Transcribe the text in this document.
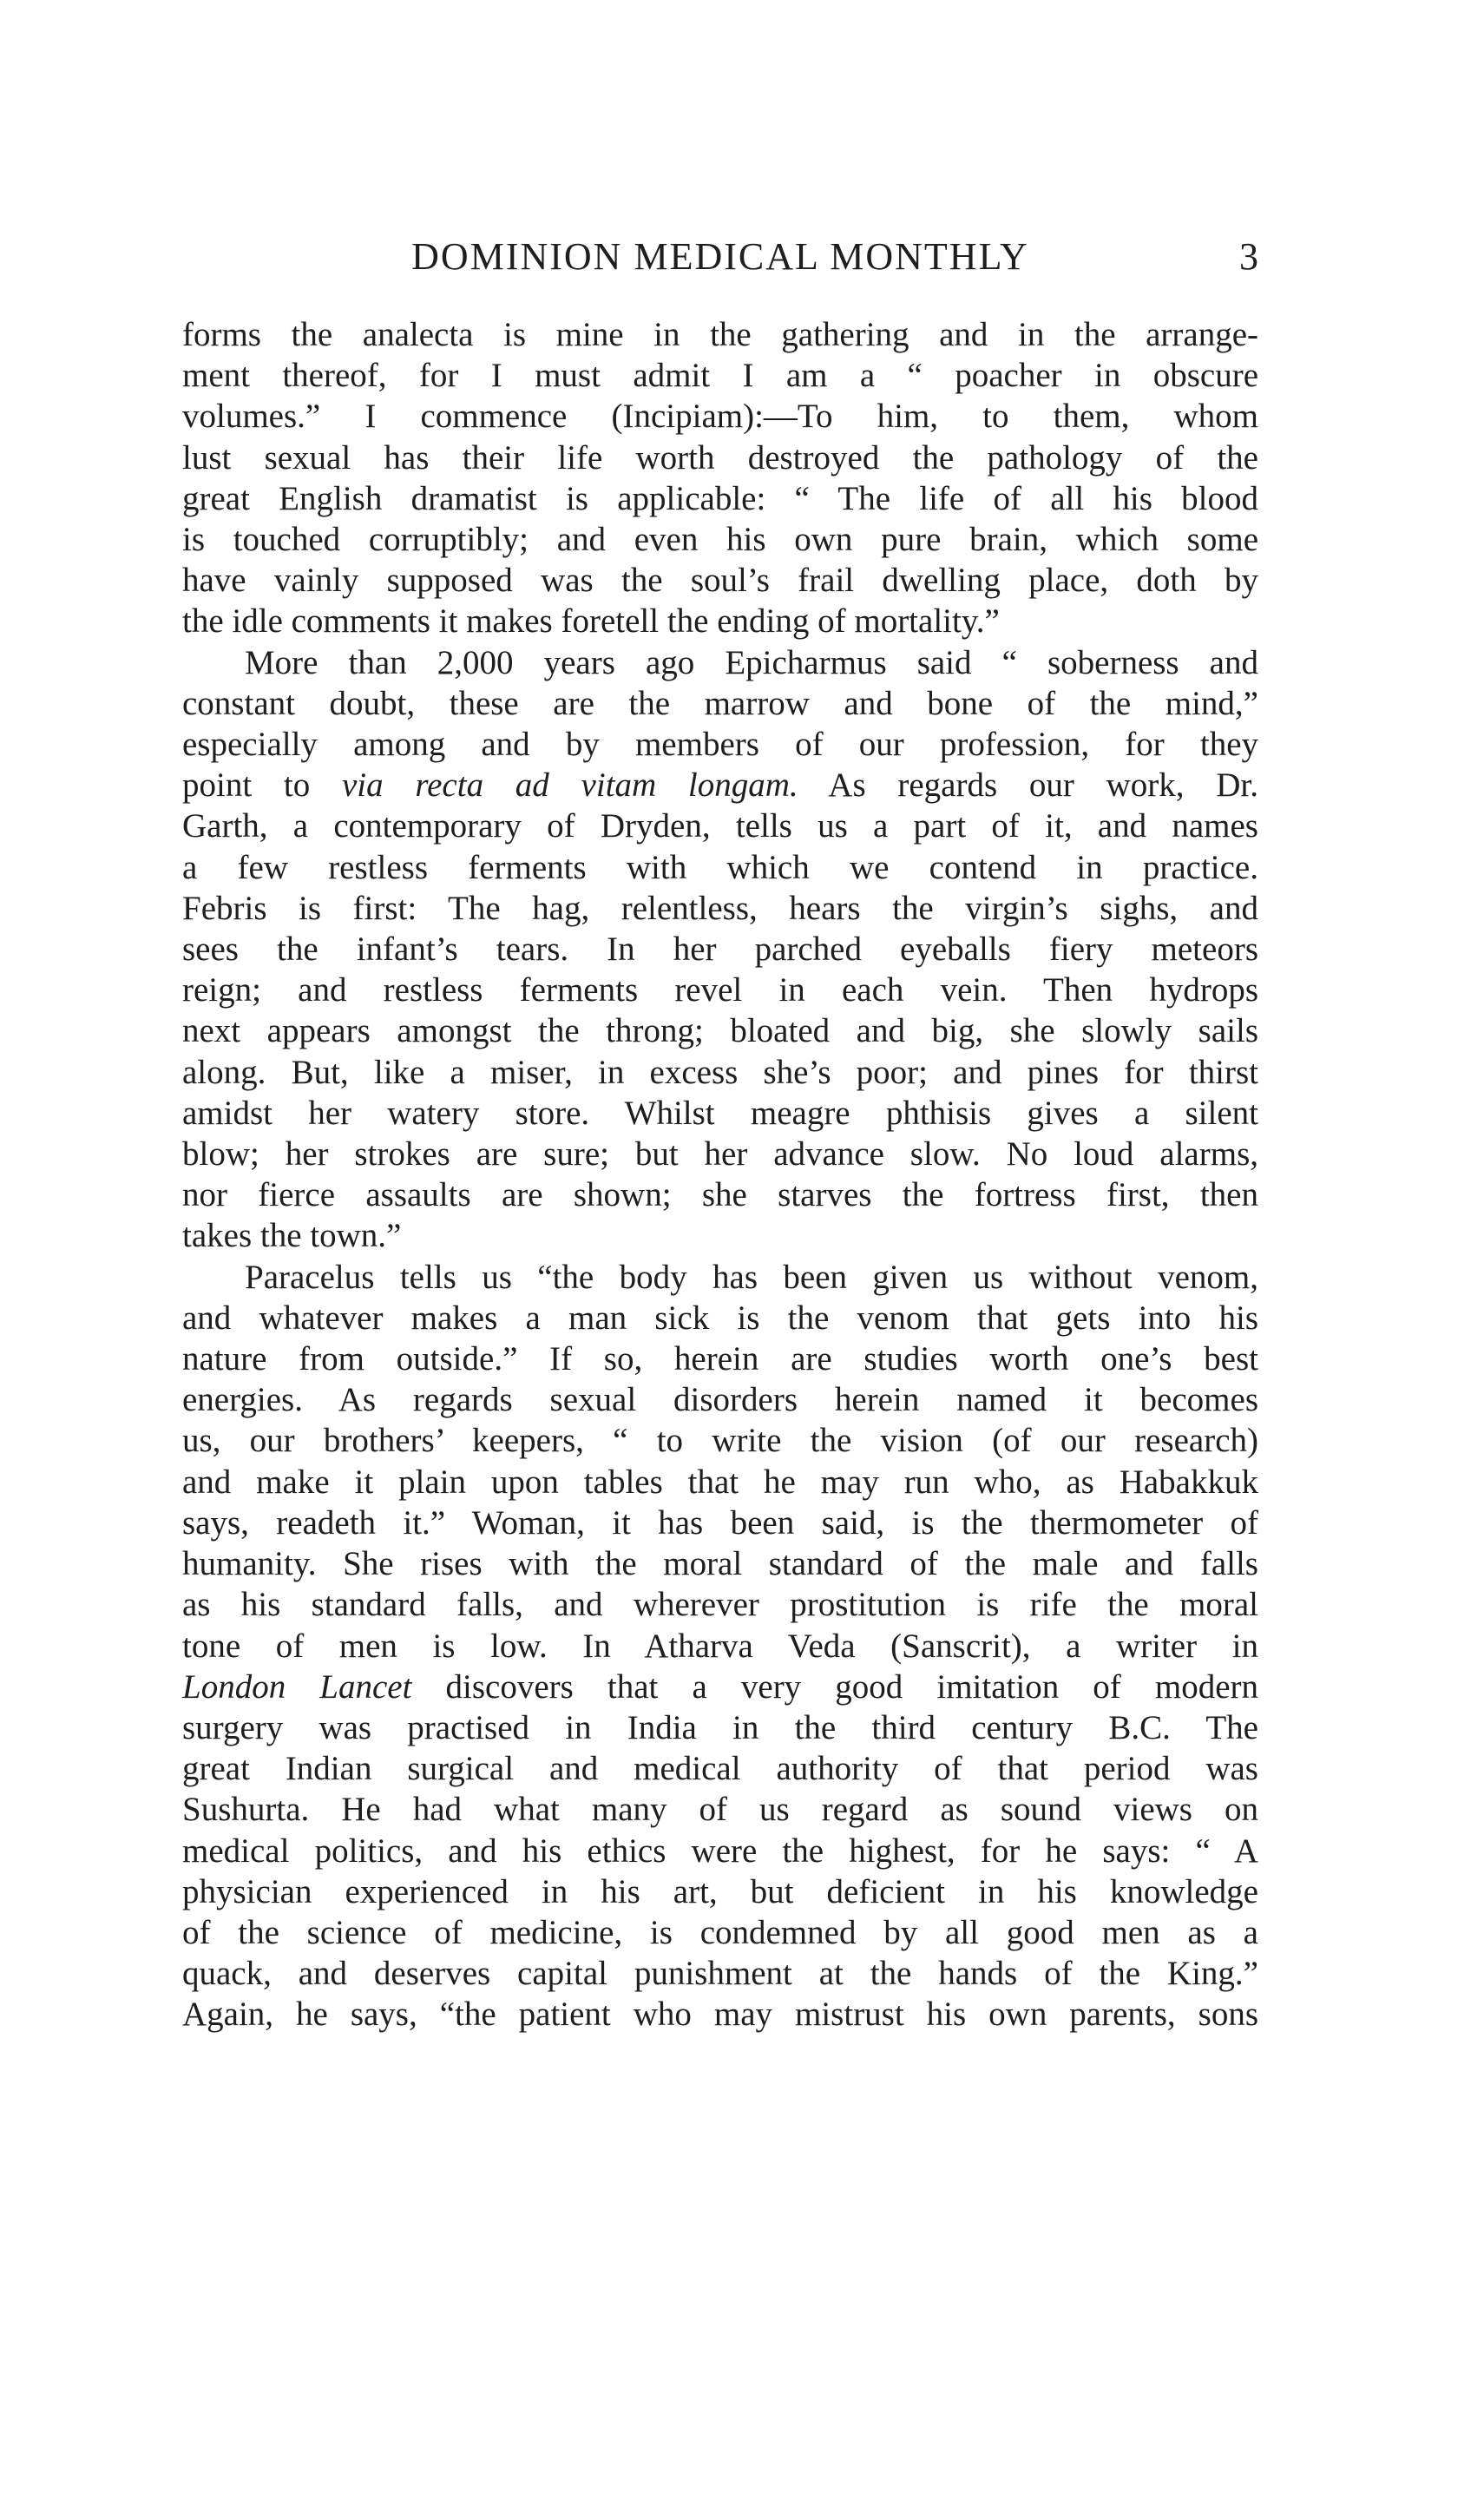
DOMINION MEDICAL MONTHLY	3

forms the analecta is mine in the gathering and in the arrange-
ment thereof, for I must admit I am a “ poacher in obscure
volumes.” I commence (Incipiam):—To him, to them, whom
lust sexual has their life worth destroyed the pathology of the
great English dramatist is applicable: “ The life of all his blood
is touched corruptibly; and even his own pure brain, which some
have vainly supposed was the soul’s frail dwelling place, doth by
the idle comments it makes foretell the ending of mortality.”

More than 2,000 years ago Epicharmus said “ soberness and
constant doubt, these are the marrow and bone of the mind,”
especially among and by members of our profession, for they
point to via recta ad vitam longam. As regards our work, Dr.
Garth, a contemporary of Dryden, tells us a part of it, and names
a few restless ferments with which we contend in practice.
Febris is first: The hag, relentless, hears the virgin’s sighs, and
sees the infant’s tears. In her parched eyeballs fiery meteors
reign; and restless ferments revel in each vein. Then hydrops
next appears amongst the throng; bloated and big, she slowly sails
along. But, like a miser, in excess she’s poor; and pines for thirst
amidst her watery store. Whilst meagre phthisis gives a silent
blow; her strokes are sure; but her advance slow. No loud alarms,
nor fierce assaults are shown; she starves the fortress first, then
takes the town.”

Paracelus tells us “the body has been given us without venom,
and whatever makes a man sick is the venom that gets into his
nature from outside.” If so, herein are studies worth one’s best
energies. As regards sexual disorders herein named it becomes
us, our brothers’ keepers, “ to write the vision (of our research)
and make it plain upon tables that he may run who, as Habakkuk
says, readeth it.” Woman, it has been said, is the thermometer of
humanity. She rises with the moral standard of the male and falls
as his standard falls, and wherever prostitution is rife the moral
tone of men is low. In Atharva Veda (Sanscrit), a writer in
London Lancet discovers that a very good imitation of modern
surgery was practised in India in the third century B.C. The
great Indian surgical and medical authority of that period was
Sushurta. He had what many of us regard as sound views on
medical politics, and his ethics were the highest, for he says: “ A
physician experienced in his art, but deficient in his knowledge
of the science of medicine, is condemned by all good men as a
quack, and deserves capital punishment at the hands of the King.”
Again, he says, “the patient who may mistrust his own parents, sons
